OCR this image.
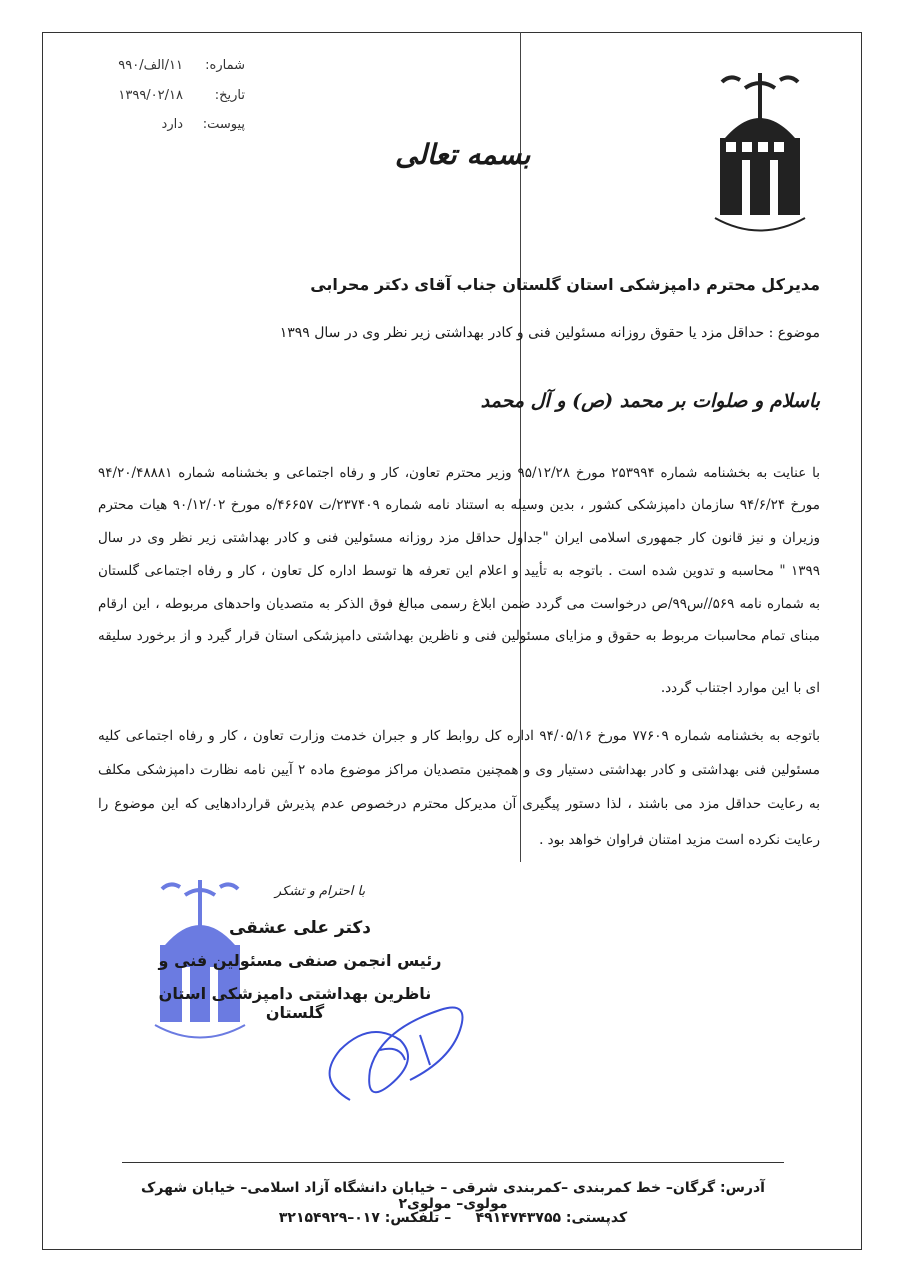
شماره:۱۱/الف/۹۹۰
تاریخ:۱۳۹۹/۰۲/۱۸
پیوست:دارد
بسمه تعالی
مدیرکل محترم دامپزشکی استان گلستان جناب آقای دکتر محرابی
موضوع : حداقل مزد یا حقوق روزانه مسئولین فنی و کادر بهداشتی زیر نظر وی در سال ۱۳۹۹
باسلام و صلوات بر محمد (ص) و آل محمد
با عنایت به بخشنامه شماره ۲۵۳۹۹۴ مورخ ۹۵/۱۲/۲۸ وزیر محترم تعاون، کار و رفاه اجتماعی و بخشنامه شماره ۹۴/۲۰/۴۸۸۸۱
مورخ ۹۴/۶/۲۴ سازمان دامپزشکی کشور ، بدین وسیله به استناد نامه شماره ۲۳۷۴۰۹/ت ۴۶۶۵۷/ه مورخ ۹۰/۱۲/۰۲ هیات محترم
وزیران و نیز قانون کار جمهوری اسلامی ایران "جداول حداقل مزد روزانه مسئولین فنی و کادر بهداشتی زیر نظر وی در سال
۱۳۹۹ " محاسبه و تدوین شده است . باتوجه به تأیید و اعلام این تعرفه ها توسط اداره کل تعاون ، کار و رفاه اجتماعی گلستان
به شماره نامه ۵۶۹//س۹۹/ص درخواست می گردد ضمن ابلاغ رسمی مبالغ فوق الذکر به متصدیان واحدهای مربوطه ، این ارقام
مبنای تمام محاسبات مربوط به حقوق و مزایای مسئولین فنی و ناظرین بهداشتی دامپزشکی استان قرار گیرد و از برخورد سلیقه
ای با این موارد اجتناب گردد.
باتوجه به بخشنامه شماره ۷۷۶۰۹ مورخ ۹۴/۰۵/۱۶ اداره کل روابط کار و جبران خدمت وزارت تعاون ، کار و رفاه اجتماعی کلیه
مسئولین فنی بهداشتی و کادر بهداشتی دستیار وی و همچنین متصدیان مراکز موضوع ماده ۲ آیین نامه نظارت دامپزشکی مکلف
به رعایت حداقل مزد می باشند ، لذا دستور پیگیری آن مدیرکل محترم درخصوص عدم پذیرش قراردادهایی که این موضوع را
رعایت نکرده است مزید امتنان فراوان خواهد بود .
با احترام و تشکر
دکتر علی عشقی
رئیس انجمن صنفی مسئولین فنی و
ناظرین بهداشتی دامپزشکی استان گلستان
آدرس: گرگان– خط کمربندی –کمربندی شرقی – خیابان دانشگاه آزاد اسلامی– خیابان شهرک مولوی– مولوی۲
کدپستی: ۴۹۱۴۷۴۳۷۵۵     – تلفکس: ۰۱۷–۳۲۱۵۴۹۲۹
